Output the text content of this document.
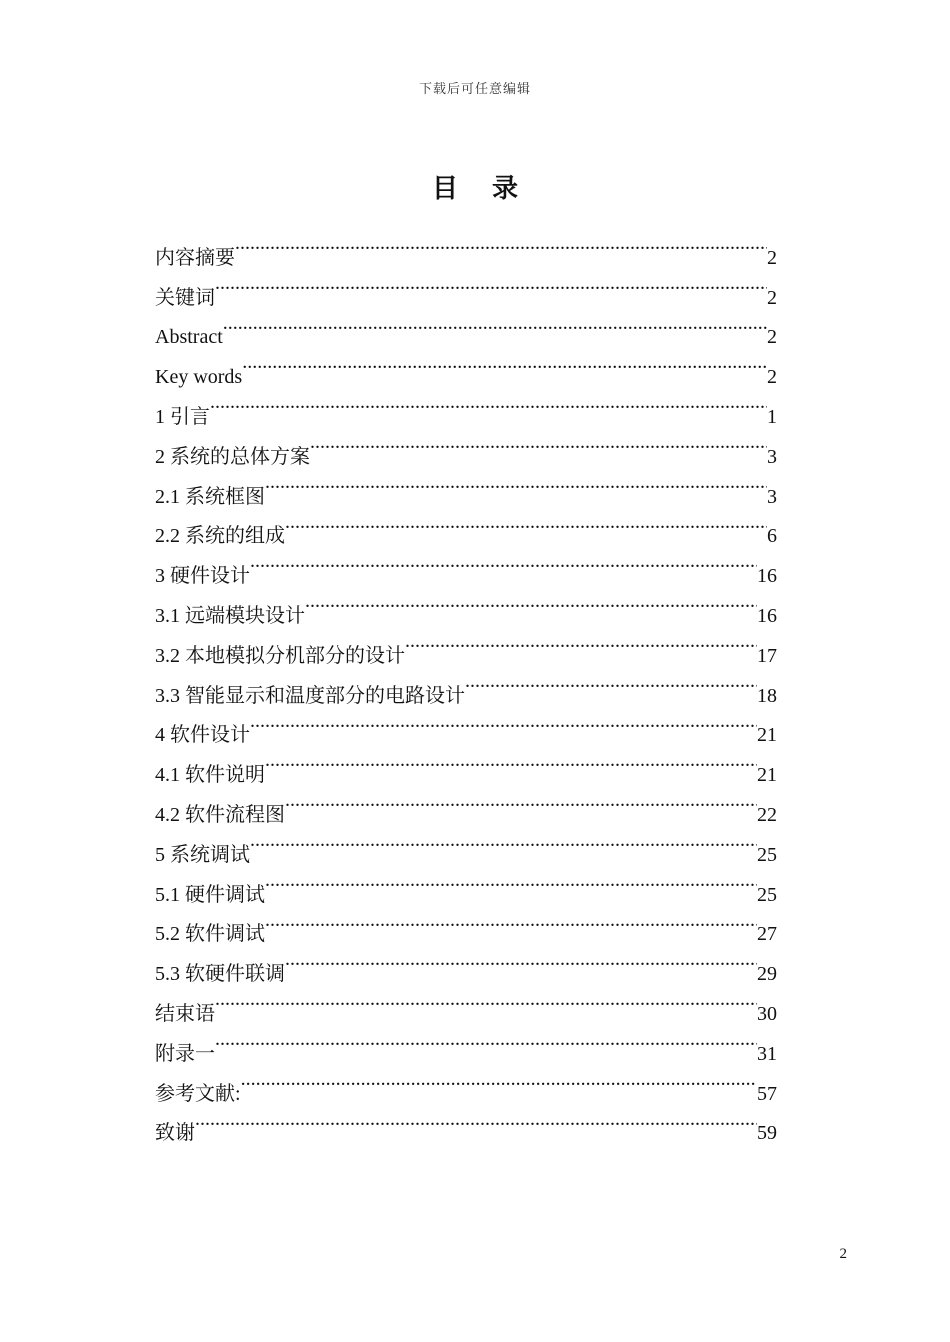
下载后可任意编辑
目录
内容摘要 .....	2
关键词 .....	2
Abstract .....	2
Key words .....	2
1 引言 .....	1
2 系统的总体方案 .....	3
2.1 系统框图 .....	3
2.2 系统的组成 .....	6
3 硬件设计 .....	16
3.1 远端模块设计 .....	16
3.2 本地模拟分机部分的设计 .....	17
3.3 智能显示和温度部分的电路设计 .....	18
4 软件设计 .....	21
4.1 软件说明 .....	21
4.2 软件流程图 .....	22
5 系统调试 .....	25
5.1 硬件调试 .....	25
5.2 软件调试 .....	27
5.3 软硬件联调 .....	29
结束语 .....	30
附录一 .....	31
参考文献: .....	57
致谢 .....	59
2
